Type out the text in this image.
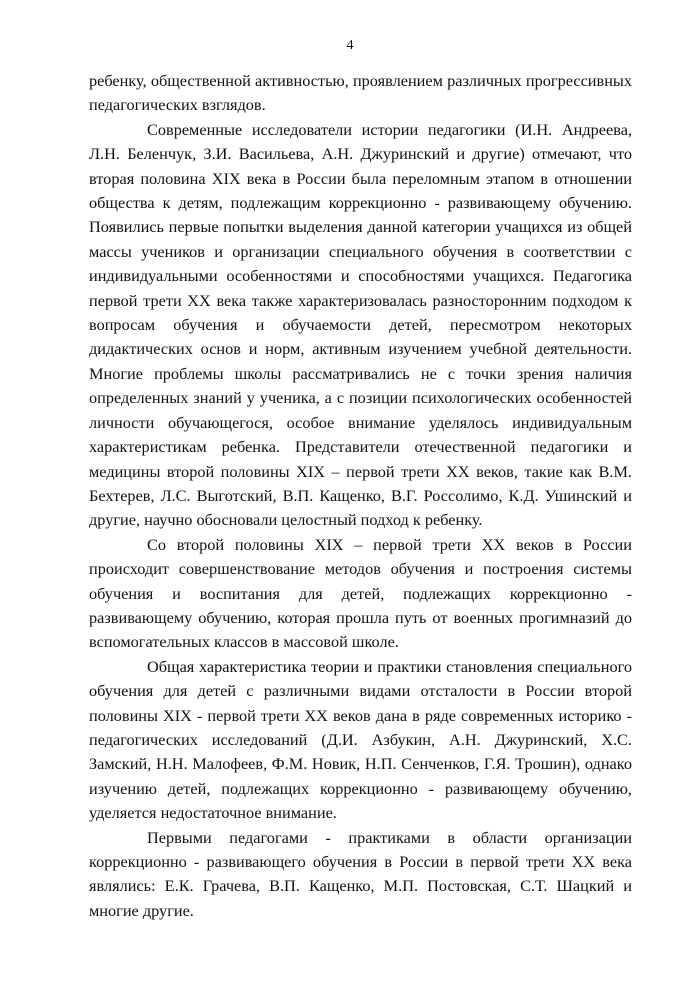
4

ребенку, общественной активностью, проявлением различных прогрессивных педагогических взглядов.

Современные исследователи истории педагогики (И.Н. Андреева, Л.Н. Беленчук, З.И. Васильева, А.Н. Джуринский и другие) отмечают, что вторая половина XIX века в России была переломным этапом в отношении общества к детям, подлежащим коррекционно - развивающему обучению. Появились первые попытки выделения данной категории учащихся из общей массы учеников и организации специального обучения в соответствии с индивидуальными особенностями и способностями учащихся. Педагогика первой трети XX века также характеризовалась разносторонним подходом к вопросам обучения и обучаемости детей, пересмотром некоторых дидактических основ и норм, активным изучением учебной деятельности. Многие проблемы школы рассматривались не с точки зрения наличия определенных знаний у ученика, а с позиции психологических особенностей личности обучающегося, особое внимание уделялось индивидуальным характеристикам ребенка. Представители отечественной педагогики и медицины второй половины XIX – первой трети XX веков, такие как В.М. Бехтерев, Л.С. Выготский, В.П. Кащенко, В.Г. Россолимо, К.Д. Ушинский и другие, научно обосновали целостный подход к ребенку.

Со второй половины XIX – первой трети XX веков в России происходит совершенствование методов обучения и построения системы обучения и воспитания для детей, подлежащих коррекционно - развивающему обучению, которая прошла путь от военных прогимназий до вспомогательных классов в массовой школе.

Общая характеристика теории и практики становления специального обучения для детей с различными видами отсталости в России второй половины XIX - первой трети XX веков дана в ряде современных историко - педагогических исследований (Д.И. Азбукин, А.Н. Джуринский, Х.С. Замский, Н.Н. Малофеев, Ф.М. Новик, Н.П. Сенченков, Г.Я. Трошин), однако изучению детей, подлежащих коррекционно - развивающему обучению, уделяется недостаточное внимание.

Первыми педагогами - практиками в области организации коррекционно - развивающего обучения в России в первой трети XX века являлись: Е.К. Грачева, В.П. Кащенко, М.П. Постовская, С.Т. Шацкий и многие другие.
